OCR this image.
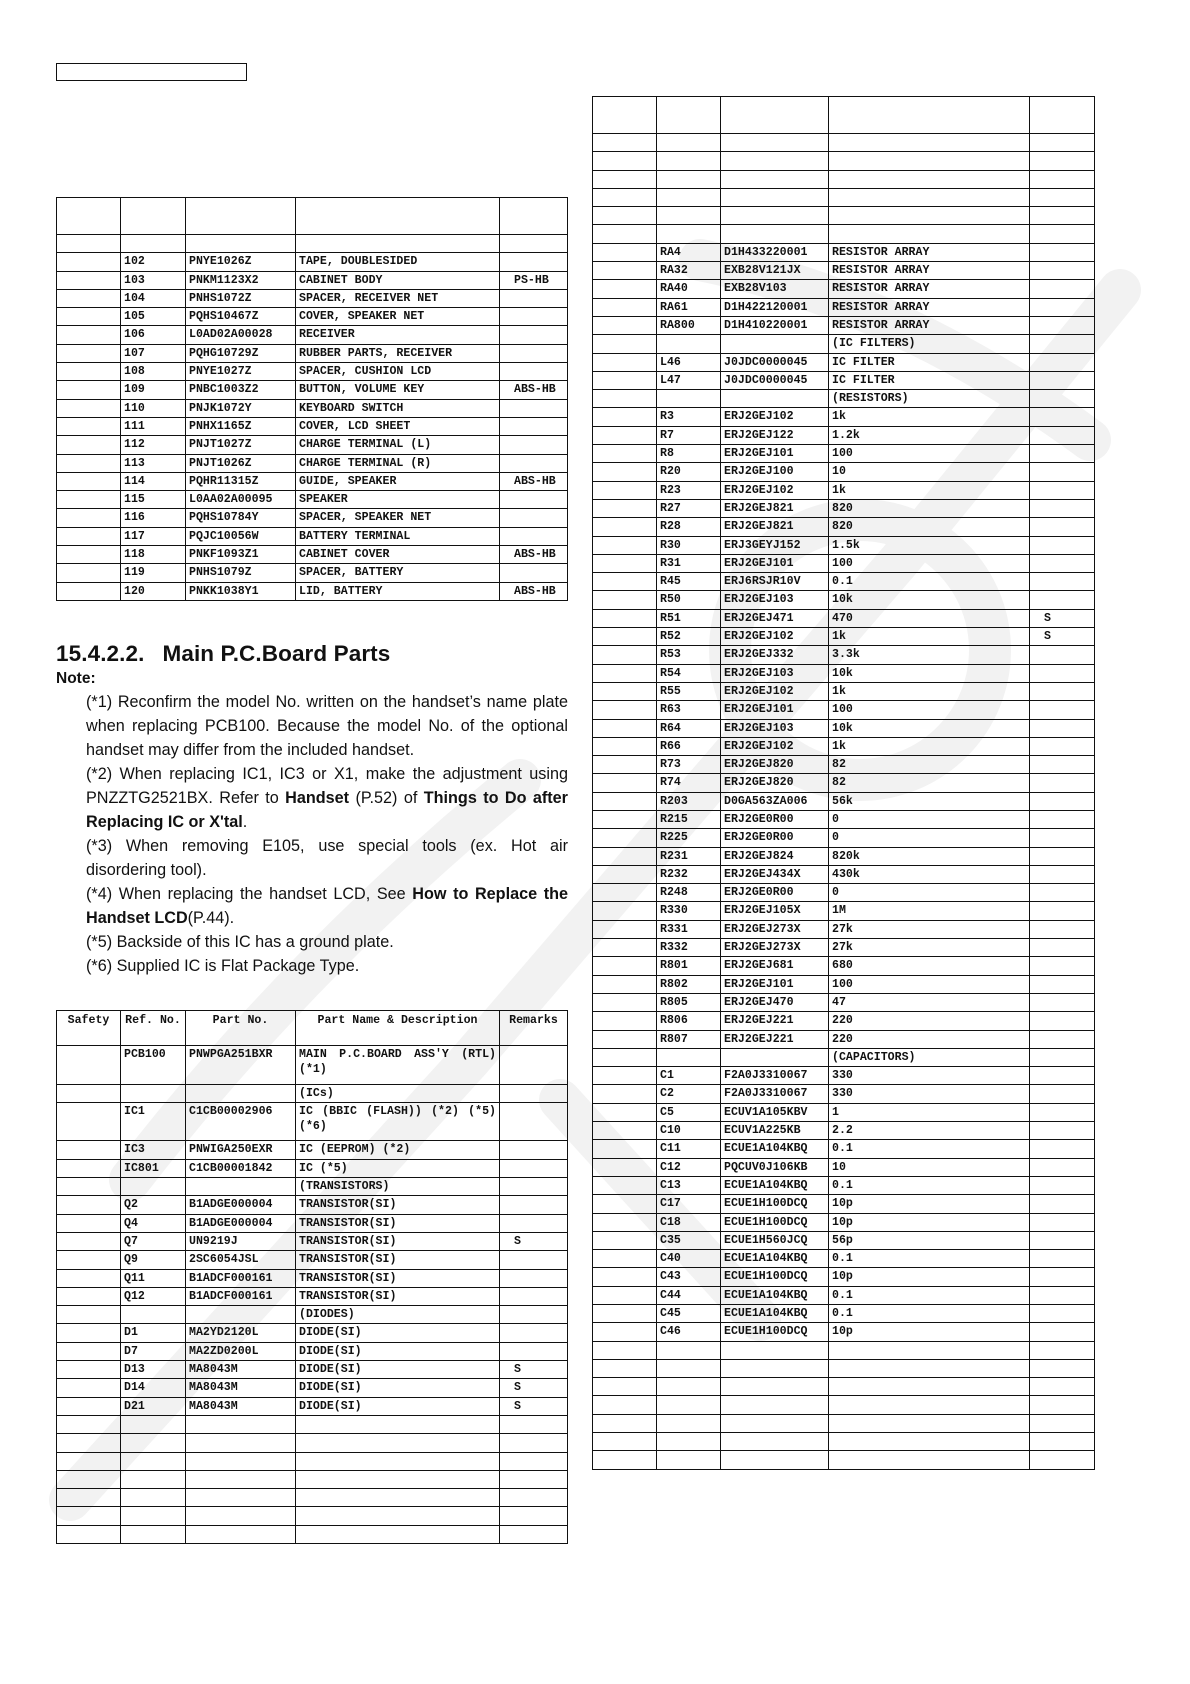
	102	PNYE1026Z	TAPE, DOUBLESIDED	
	103	PNKM1123X2	CABINET BODY	PS-HB
	104	PNHS1072Z	SPACER, RECEIVER NET	
	105	PQHS10467Z	COVER, SPEAKER NET	
	106	L0AD02A00028	RECEIVER	
	107	PQHG10729Z	RUBBER PARTS, RECEIVER	
	108	PNYE1027Z	SPACER, CUSHION LCD	
	109	PNBC1003Z2	BUTTON, VOLUME KEY	ABS-HB
	110	PNJK1072Y	KEYBOARD SWITCH	
	111	PNHX1165Z	COVER, LCD SHEET	
	112	PNJT1027Z	CHARGE TERMINAL (L)	
	113	PNJT1026Z	CHARGE TERMINAL (R)	
	114	PQHR11315Z	GUIDE, SPEAKER	ABS-HB
	115	L0AA02A00095	SPEAKER	
	116	PQHS10784Y	SPACER, SPEAKER NET	
	117	PQJC10056W	BATTERY TERMINAL	
	118	PNKF1093Z1	CABINET COVER	ABS-HB
	119	PNHS1079Z	SPACER, BATTERY	
	120	PNKK1038Y1	LID, BATTERY	ABS-HB
15.4.2.2. Main P.C.Board Parts

Note:

(*1) Reconfirm the model No. written on the handset’s name plate when replacing PCB100. Because the model No. of the optional handset may differ from the included handset.

(*2) When replacing IC1, IC3 or X1, make the adjustment using PNZZTG2521BX. Refer to Handset (P.52) of Things to Do after Replacing IC or X'tal.

(*3) When removing E105, use special tools (ex. Hot air disordering tool).

(*4) When replacing the handset LCD, See How to Replace the Handset LCD(P.44).

(*5) Backside of this IC has a ground plate.

(*6) Supplied IC is Flat Package Type.

Safety	Ref. No.	Part No.	Part Name & Description	Remarks
	PCB100	PNWPGA251BXR	MAIN P.C.BOARD ASS'Y (RTL) (*1)	
			(ICs)	
	IC1	C1CB00002906	IC (BBIC (FLASH)) (*2) (*5)(*6)	
	IC3	PNWIGA250EXR	IC (EEPROM) (*2)	
	IC801	C1CB00001842	IC (*5)	
			(TRANSISTORS)	
	Q2	B1ADGE000004	TRANSISTOR(SI)	
	Q4	B1ADGE000004	TRANSISTOR(SI)	
	Q7	UN9219J	TRANSISTOR(SI)	S
	Q9	2SC6054JSL	TRANSISTOR(SI)	
	Q11	B1ADCF000161	TRANSISTOR(SI)	
	Q12	B1ADCF000161	TRANSISTOR(SI)	
			(DIODES)	
	D1	MA2YD2120L	DIODE(SI)	
	D7	MA2ZD0200L	DIODE(SI)	
	D13	MA8043M	DIODE(SI)	S
	D14	MA8043M	DIODE(SI)	S
	D21	MA8043M	DIODE(SI)	S

	RA4	D1H433220001	RESISTOR ARRAY	
	RA32	EXB28V121JX	RESISTOR ARRAY	
	RA40	EXB28V103	RESISTOR ARRAY	
	RA61	D1H422120001	RESISTOR ARRAY	
	RA800	D1H410220001	RESISTOR ARRAY	
			(IC FILTERS)	
	L46	J0JDC0000045	IC FILTER	
	L47	J0JDC0000045	IC FILTER	
			(RESISTORS)	
	R3	ERJ2GEJ102	1k	
	R7	ERJ2GEJ122	1.2k	
	R8	ERJ2GEJ101	100	
	R20	ERJ2GEJ100	10	
	R23	ERJ2GEJ102	1k	
	R27	ERJ2GEJ821	820	
	R28	ERJ2GEJ821	820	
	R30	ERJ3GEYJ152	1.5k	
	R31	ERJ2GEJ101	100	
	R45	ERJ6RSJR10V	0.1	
	R50	ERJ2GEJ103	10k	
	R51	ERJ2GEJ471	470	S
	R52	ERJ2GEJ102	1k	S
	R53	ERJ2GEJ332	3.3k	
	R54	ERJ2GEJ103	10k	
	R55	ERJ2GEJ102	1k	
	R63	ERJ2GEJ101	100	
	R64	ERJ2GEJ103	10k	
	R66	ERJ2GEJ102	1k	
	R73	ERJ2GEJ820	82	
	R74	ERJ2GEJ820	82	
	R203	D0GA563ZA006	56k	
	R215	ERJ2GE0R00	0	
	R225	ERJ2GE0R00	0	
	R231	ERJ2GEJ824	820k	
	R232	ERJ2GEJ434X	430k	
	R248	ERJ2GE0R00	0	
	R330	ERJ2GEJ105X	1M	
	R331	ERJ2GEJ273X	27k	
	R332	ERJ2GEJ273X	27k	
	R801	ERJ2GEJ681	680	
	R802	ERJ2GEJ101	100	
	R805	ERJ2GEJ470	47	
	R806	ERJ2GEJ221	220	
	R807	ERJ2GEJ221	220	
			(CAPACITORS)	
	C1	F2A0J3310067	330	
	C2	F2A0J3310067	330	
	C5	ECUV1A105KBV	1	
	C10	ECUV1A225KB	2.2	
	C11	ECUE1A104KBQ	0.1	
	C12	PQCUV0J106KB	10	
	C13	ECUE1A104KBQ	0.1	
	C17	ECUE1H100DCQ	10p	
	C18	ECUE1H100DCQ	10p	
	C35	ECUE1H560JCQ	56p	
	C40	ECUE1A104KBQ	0.1	
	C43	ECUE1H100DCQ	10p	
	C44	ECUE1A104KBQ	0.1	
	C45	ECUE1A104KBQ	0.1	
	C46	ECUE1H100DCQ	10p	
